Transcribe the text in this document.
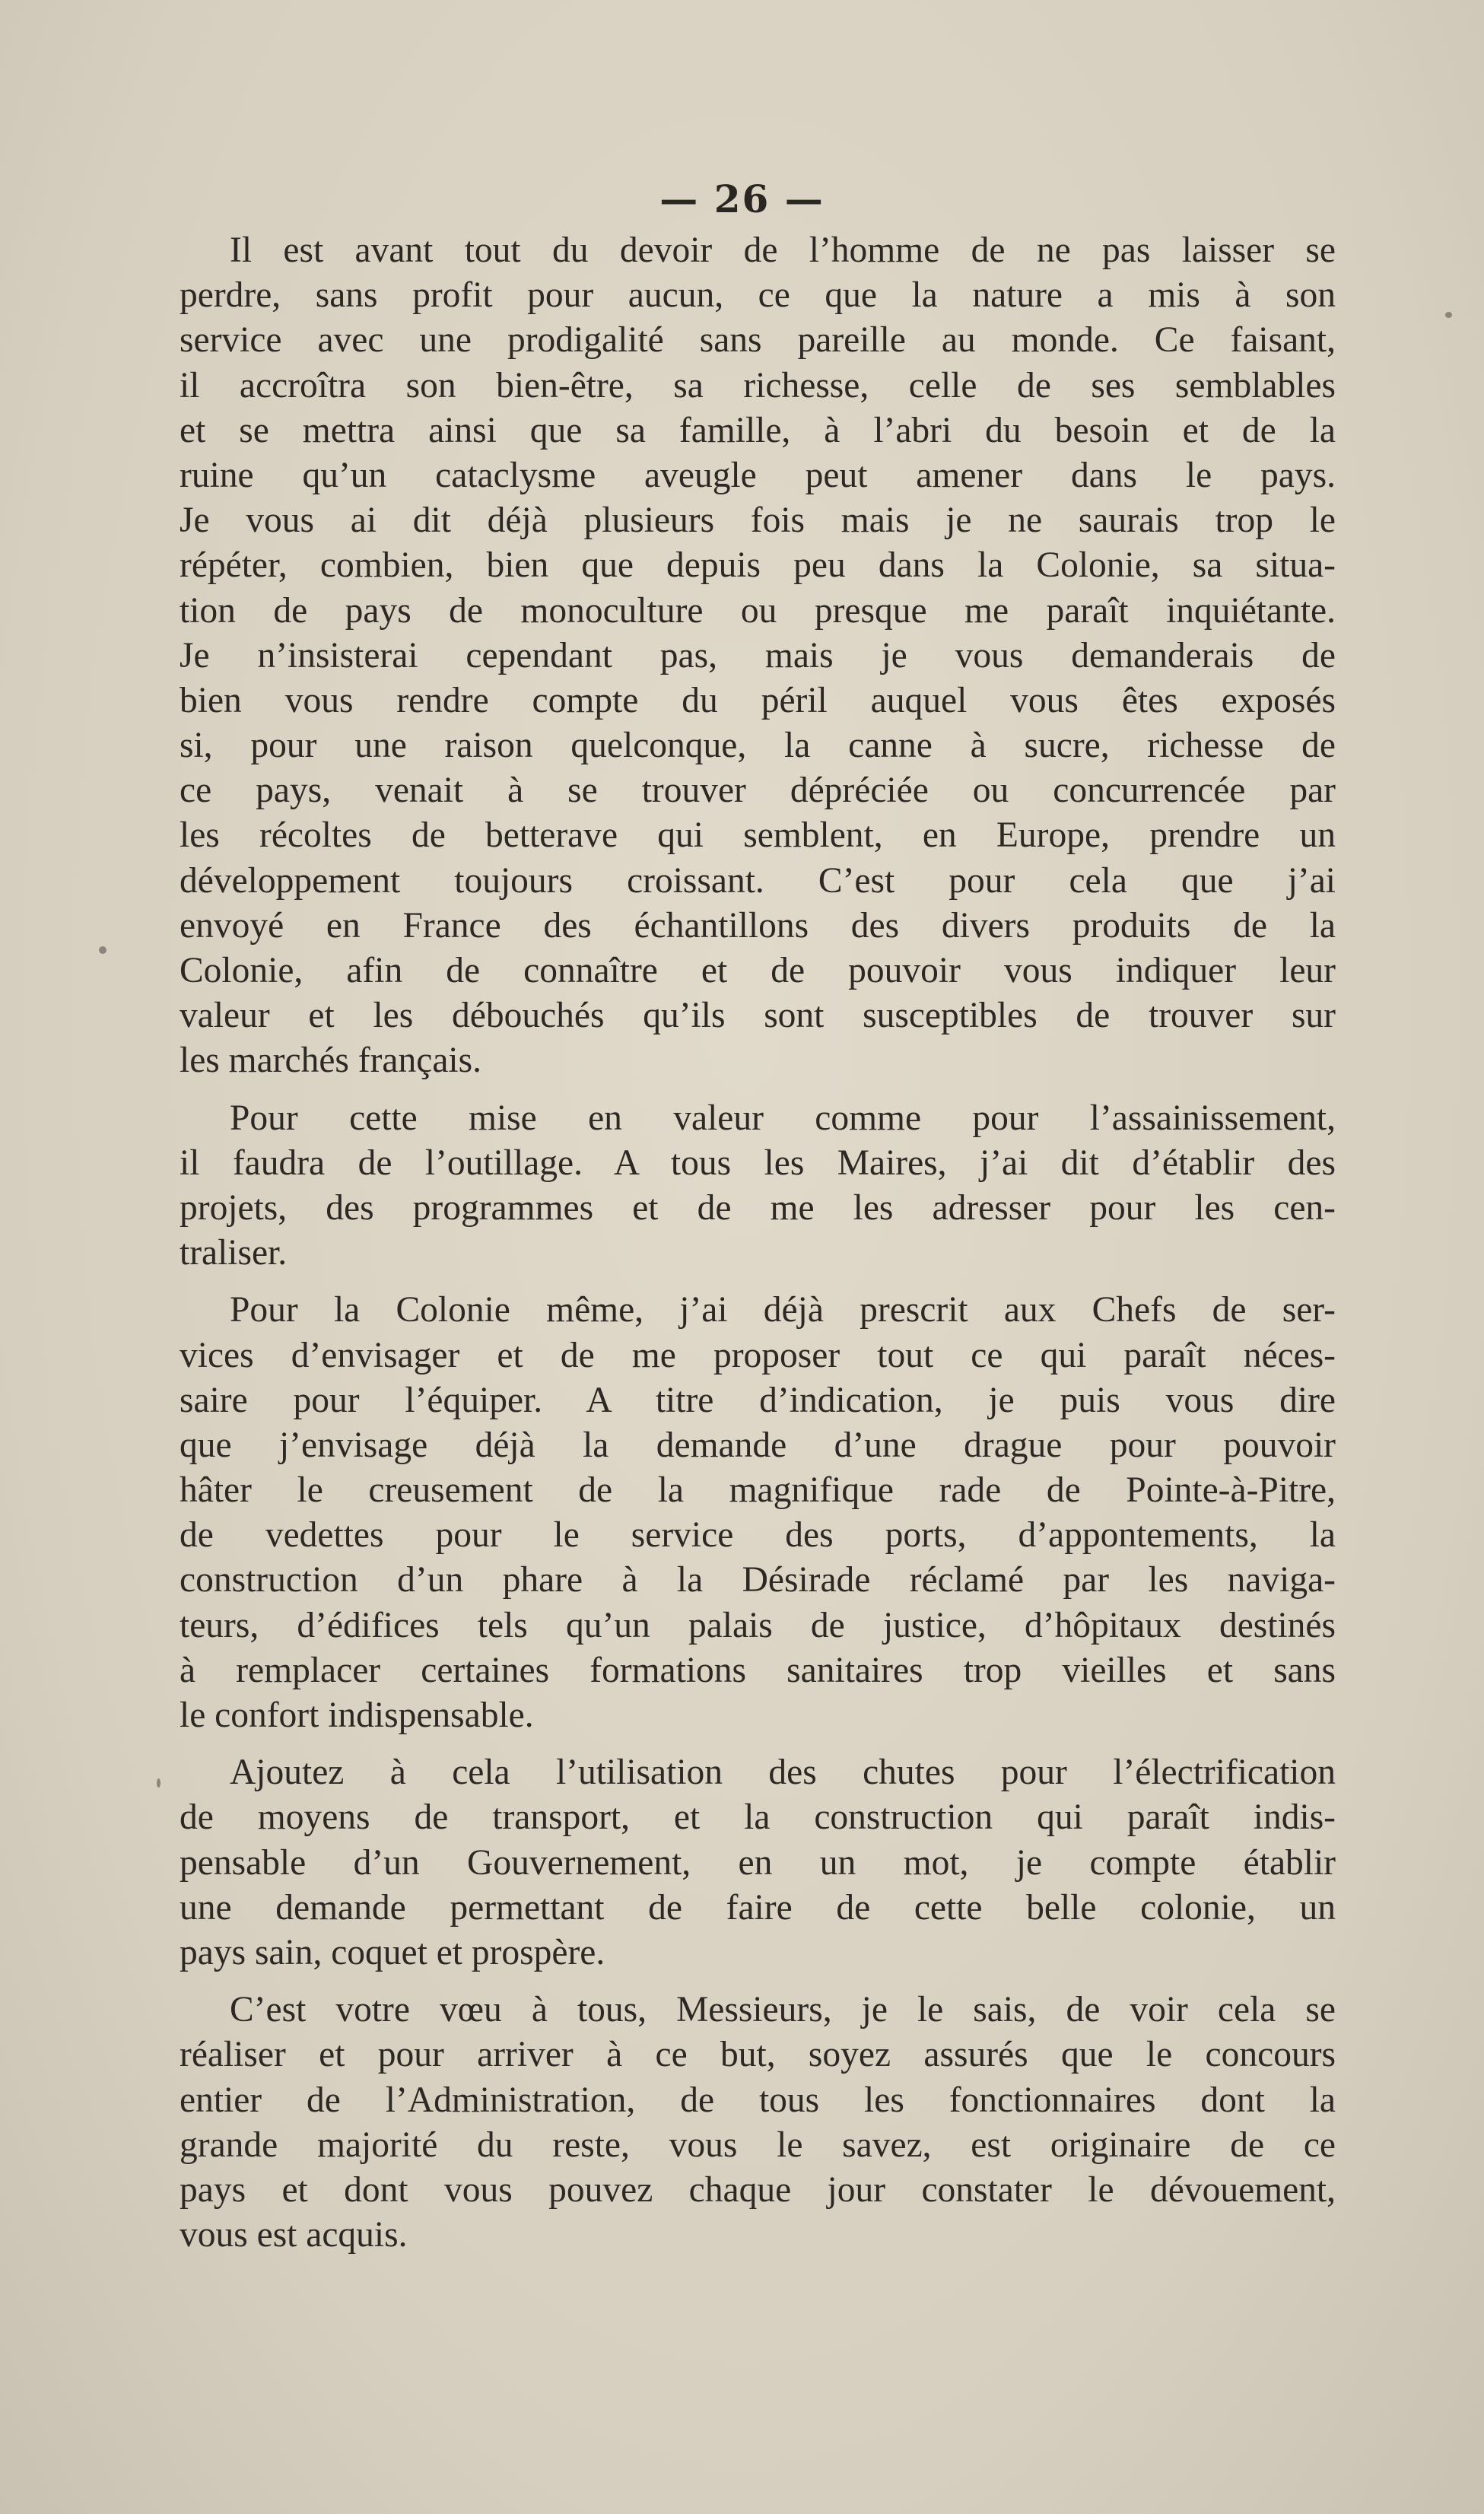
— 26 —
Il est avant tout du devoir de l’homme de ne pas laisser se
perdre, sans profit pour aucun, ce que la nature a mis à son
service avec une prodigalité sans pareille au monde. Ce faisant,
il accroîtra son bien-être, sa richesse, celle de ses semblables
et se mettra ainsi que sa famille, à l’abri du besoin et de la
ruine qu’un cataclysme aveugle peut amener dans le pays.
Je vous ai dit déjà plusieurs fois mais je ne saurais trop le
répéter, combien, bien que depuis peu dans la Colonie, sa situa-
tion de pays de monoculture ou presque me paraît inquiétante.
Je n’insisterai cependant pas, mais je vous demanderais de
bien vous rendre compte du péril auquel vous êtes exposés
si, pour une raison quelconque, la canne à sucre, richesse de
ce pays, venait à se trouver dépréciée ou concurrencée par
les récoltes de betterave qui semblent, en Europe, prendre un
développement toujours croissant. C’est pour cela que j’ai
envoyé en France des échantillons des divers produits de la
Colonie, afin de connaître et de pouvoir vous indiquer leur
valeur et les débouchés qu’ils sont susceptibles de trouver sur
les marchés français.
Pour cette mise en valeur comme pour l’assainissement,
il faudra de l’outillage. A tous les Maires, j’ai dit d’établir des
projets, des programmes et de me les adresser pour les cen-
traliser.
Pour la Colonie même, j’ai déjà prescrit aux Chefs de ser-
vices d’envisager et de me proposer tout ce qui paraît néces-
saire pour l’équiper. A titre d’indication, je puis vous dire
que j’envisage déjà la demande d’une drague pour pouvoir
hâter le creusement de la magnifique rade de Pointe-à-Pitre,
de vedettes pour le service des ports, d’appontements, la
construction d’un phare à la Désirade réclamé par les naviga-
teurs, d’édifices tels qu’un palais de justice, d’hôpitaux destinés
à remplacer certaines formations sanitaires trop vieilles et sans
le confort indispensable.
Ajoutez à cela l’utilisation des chutes pour l’électrification
de moyens de transport, et la construction qui paraît indis-
pensable d’un Gouvernement, en un mot, je compte établir
une demande permettant de faire de cette belle colonie, un
pays sain, coquet et prospère.
C’est votre vœu à tous, Messieurs, je le sais, de voir cela se
réaliser et pour arriver à ce but, soyez assurés que le concours
entier de l’Administration, de tous les fonctionnaires dont la
grande majorité du reste, vous le savez, est originaire de ce
pays et dont vous pouvez chaque jour constater le dévouement,
vous est acquis.
